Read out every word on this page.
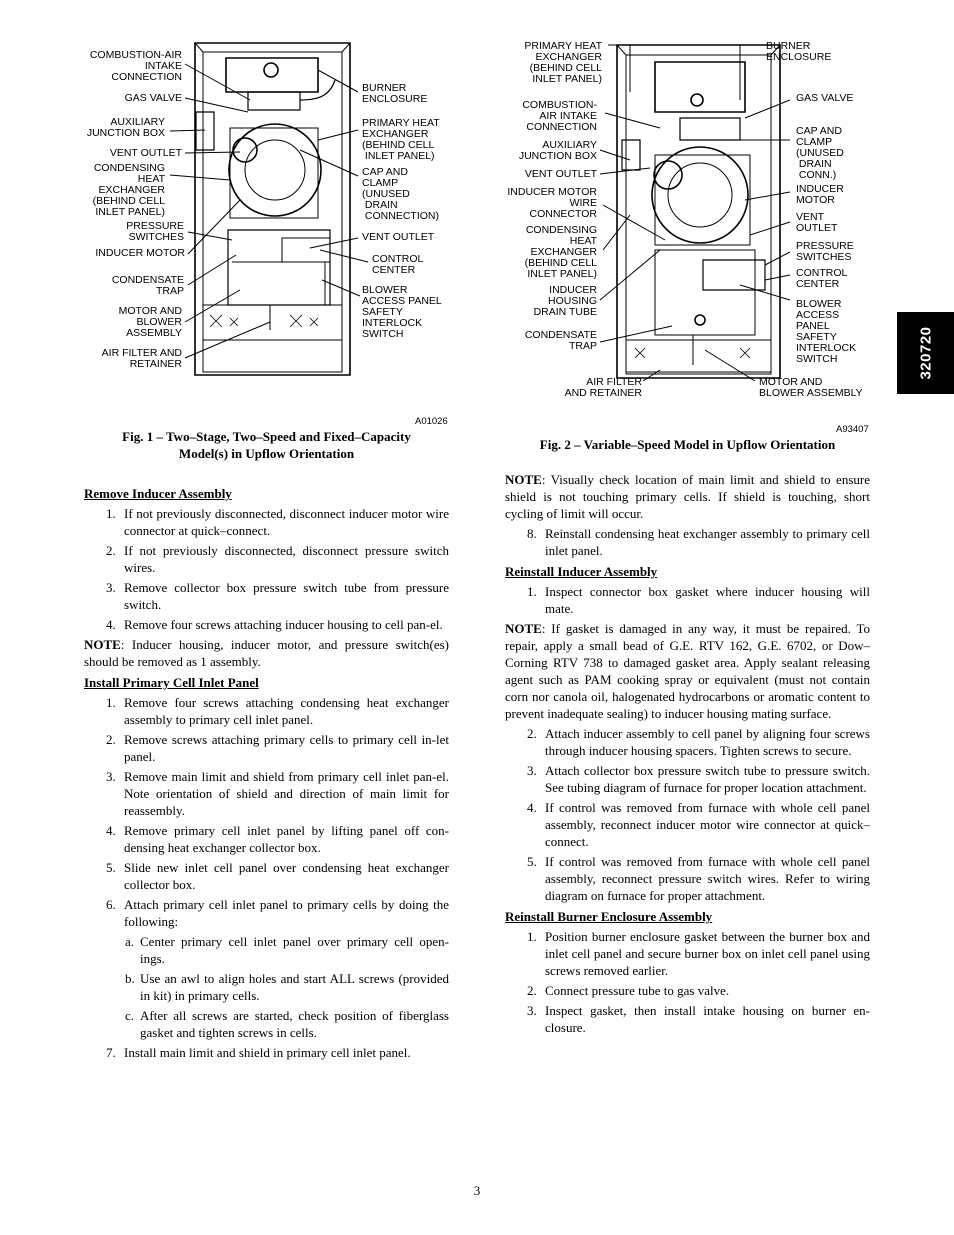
COMBUSTION-AIR
INTAKE
CONNECTION
GAS VALVE
AUXILIARY
JUNCTION BOX
VENT OUTLET
CONDENSING
HEAT
EXCHANGER
(BEHIND CELL
INLET PANEL)
PRESSURE
SWITCHES
INDUCER MOTOR
CONDENSATE
TRAP
MOTOR AND
BLOWER
ASSEMBLY
AIR FILTER AND
RETAINER
BURNER
ENCLOSURE
PRIMARY HEAT
EXCHANGER
(BEHIND CELL
INLET PANEL)
CAP AND
CLAMP
(UNUSED
DRAIN
CONNECTION)
VENT OUTLET
CONTROL
CENTER
BLOWER
ACCESS PANEL
SAFETY
INTERLOCK
SWITCH
A01026
Fig. 1 – Two–Stage, Two–Speed and Fixed–Capacity
Model(s) in Upflow Orientation
PRIMARY HEAT
EXCHANGER
(BEHIND CELL
INLET PANEL)
COMBUSTION-
AIR INTAKE
CONNECTION
AUXILIARY
JUNCTION BOX
VENT OUTLET
INDUCER MOTOR
WIRE
CONNECTOR
CONDENSING
HEAT
EXCHANGER
(BEHIND CELL
INLET PANEL)
INDUCER
HOUSING
DRAIN TUBE
CONDENSATE
TRAP
AIR FILTER
AND RETAINER
BURNER
ENCLOSURE
GAS VALVE
CAP AND
CLAMP
(UNUSED
DRAIN
CONN.)
INDUCER
MOTOR
VENT
OUTLET
PRESSURE
SWITCHES
CONTROL
CENTER
BLOWER
ACCESS
PANEL
SAFETY
INTERLOCK
SWITCH
MOTOR AND
BLOWER ASSEMBLY
A93407
Fig. 2 – Variable–Speed Model in Upflow Orientation
Remove Inducer Assembly
1. If not previously disconnected, disconnect inducer motor wire connector at quick–connect.
2. If not previously disconnected, disconnect pressure switch wires.
3. Remove collector box pressure switch tube from pressure switch.
4. Remove four screws attaching inducer housing to cell pan-el.

NOTE: Inducer housing, inducer motor, and pressure switch(es) should be removed as 1 assembly.

Install Primary Cell Inlet Panel
1. Remove four screws attaching condensing heat exchanger assembly to primary cell inlet panel.
2. Remove screws attaching primary cells to primary cell in-let panel.
3. Remove main limit and shield from primary cell inlet pan-el. Note orientation of shield and direction of main limit for reassembly.
4. Remove primary cell inlet panel by lifting panel off con-densing heat exchanger collector box.
5. Slide new inlet cell panel over condensing heat exchanger collector box.
6. Attach primary cell inlet panel to primary cells by doing the following:
a. Center primary cell inlet panel over primary cell open-ings.
b. Use an awl to align holes and start ALL screws (provided in kit) in primary cells.
c. After all screws are started, check position of fiberglass gasket and tighten screws in cells.
7. Install main limit and shield in primary cell inlet panel.

NOTE: Visually check location of main limit and shield to ensure shield is not touching primary cells. If shield is touching, short cycling of limit will occur.

8. Reinstall condensing heat exchanger assembly to primary cell inlet panel.
Reinstall Inducer Assembly
1. Inspect connector box gasket where inducer housing will mate.

NOTE: If gasket is damaged in any way, it must be repaired. To repair, apply a small bead of G.E. RTV 162, G.E. 6702, or Dow–Corning RTV 738 to damaged gasket area. Apply sealant releasing agent such as PAM cooking spray or equivalent (must not contain corn nor canola oil, halogenated hydrocarbons or aromatic content to prevent inadequate sealing) to inducer housing mating surface.

2. Attach inducer assembly to cell panel by aligning four screws through inducer housing spacers. Tighten screws to secure.
3. Attach collector box pressure switch tube to pressure switch. See tubing diagram of furnace for proper location attachment.
4. If control was removed from furnace with whole cell panel assembly, reconnect inducer motor wire connector at quick–connect.
5. If control was removed from furnace with whole cell panel assembly, reconnect pressure switch wires. Refer to wiring diagram on furnace for proper attachment.
Reinstall Burner Enclosure Assembly
1. Position burner enclosure gasket between the burner box and inlet cell panel and secure burner box on inlet cell panel using screws removed earlier.
2. Connect pressure tube to gas valve.
3. Inspect gasket, then install intake housing on burner en-closure.
320720
3
